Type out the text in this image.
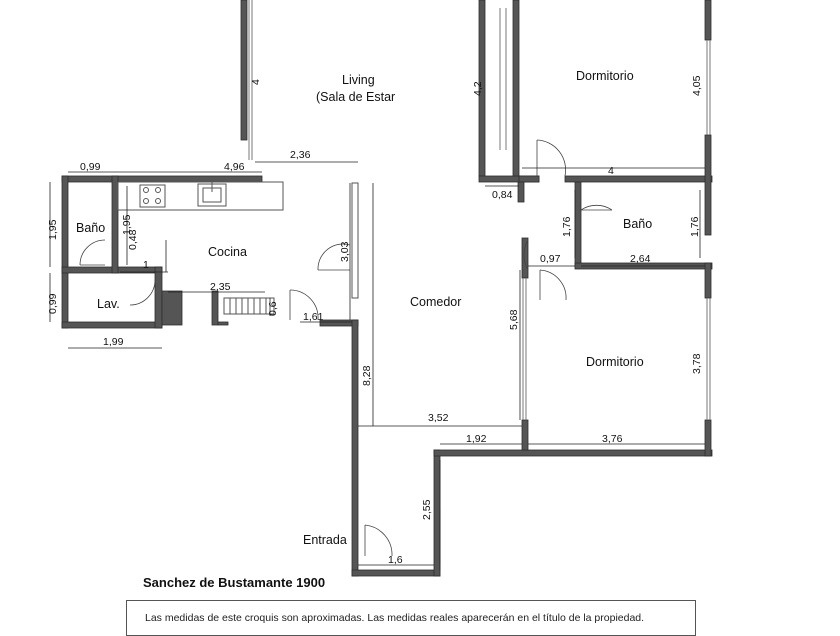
Living
(Sala de Estar
Dormitorio
Dormitorio
Baño	Baño
Cocina
Lav.	Comedor
Entrada
4
2,36
4,96
0,99
1,95	1,95
0,48
1
3,03
2,35
0,6
1,61
0,99
1,99
4,2	4,05
4
0,84
1,76	1,76
0,97	2,64
5,68
3,78
3,52
8,28
1,92	3,76
2,55
1,6
Sanchez de Bustamante 1900
Las medidas de este croquis son aproximadas. Las medidas reales aparecerán en el título de la propiedad.
